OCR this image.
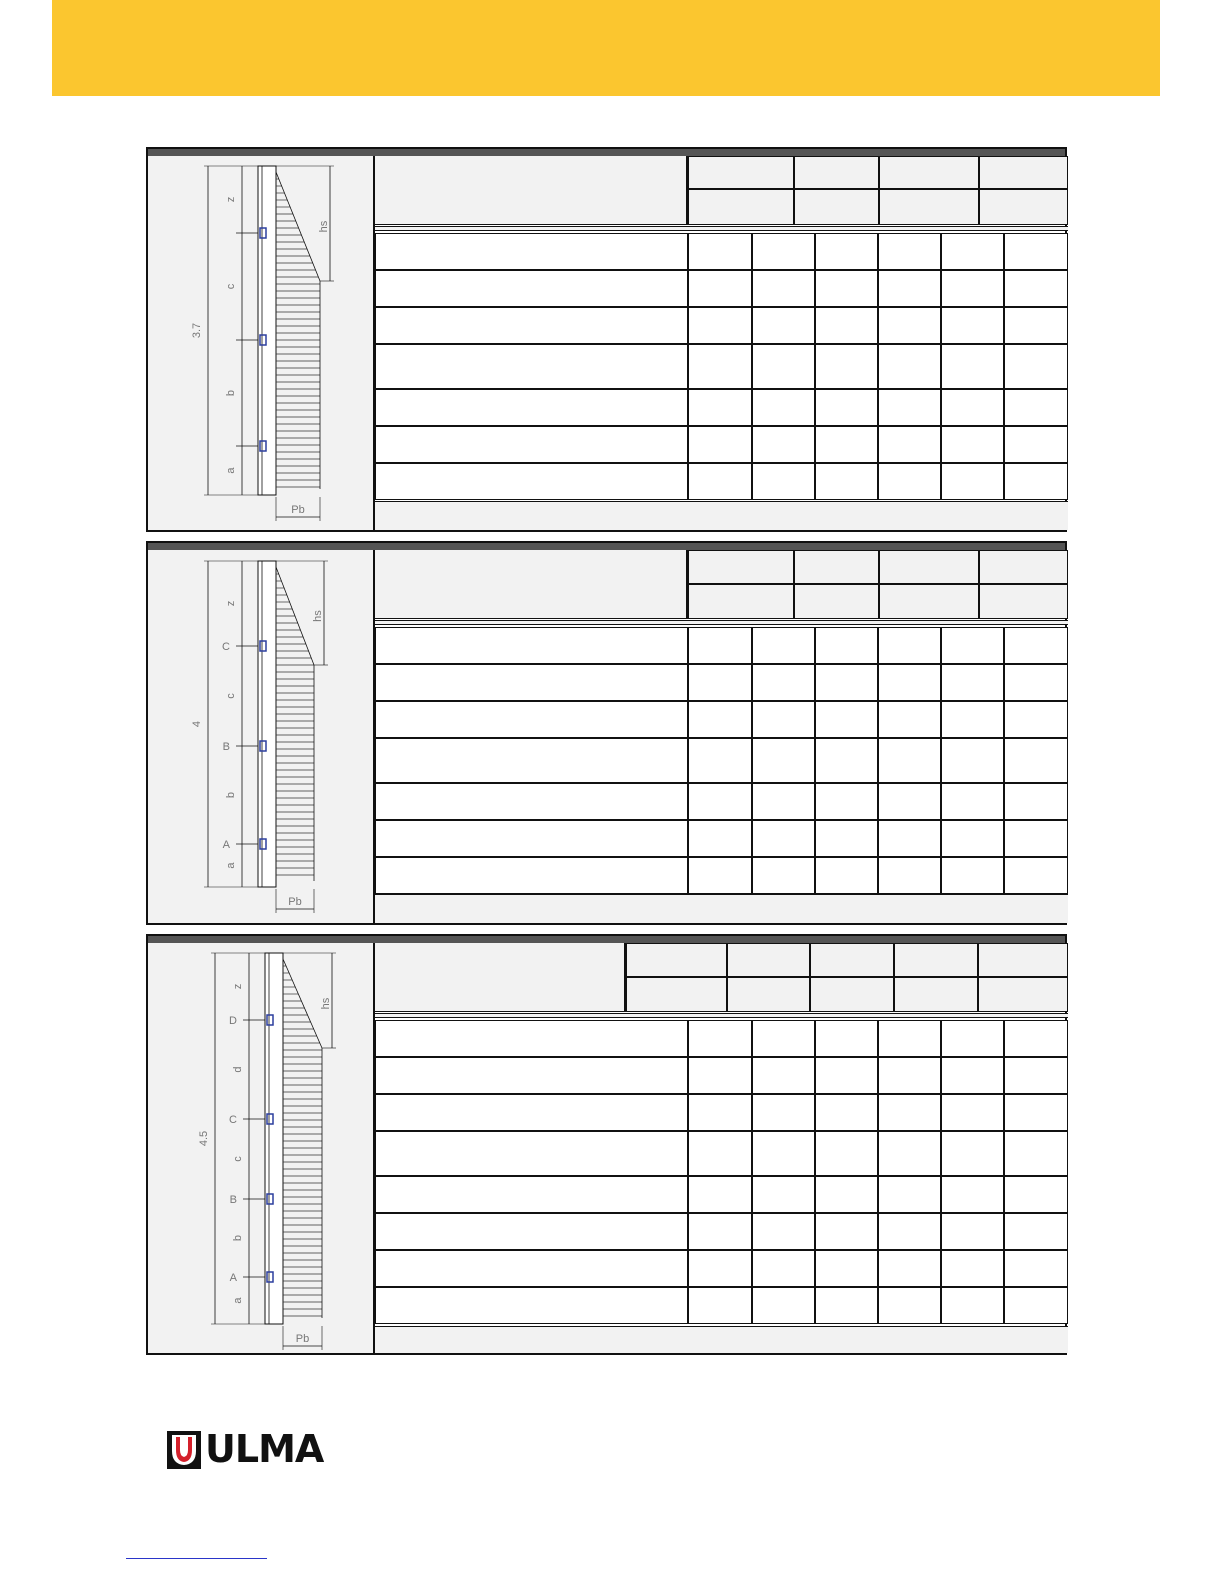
3.7
z
c
b
a
hs
Pb
4
z
c
b
a
C
B
A
hs
Pb
4.5
z
d
c
b
a
D
C
B
A
hs
Pb
ULMA
